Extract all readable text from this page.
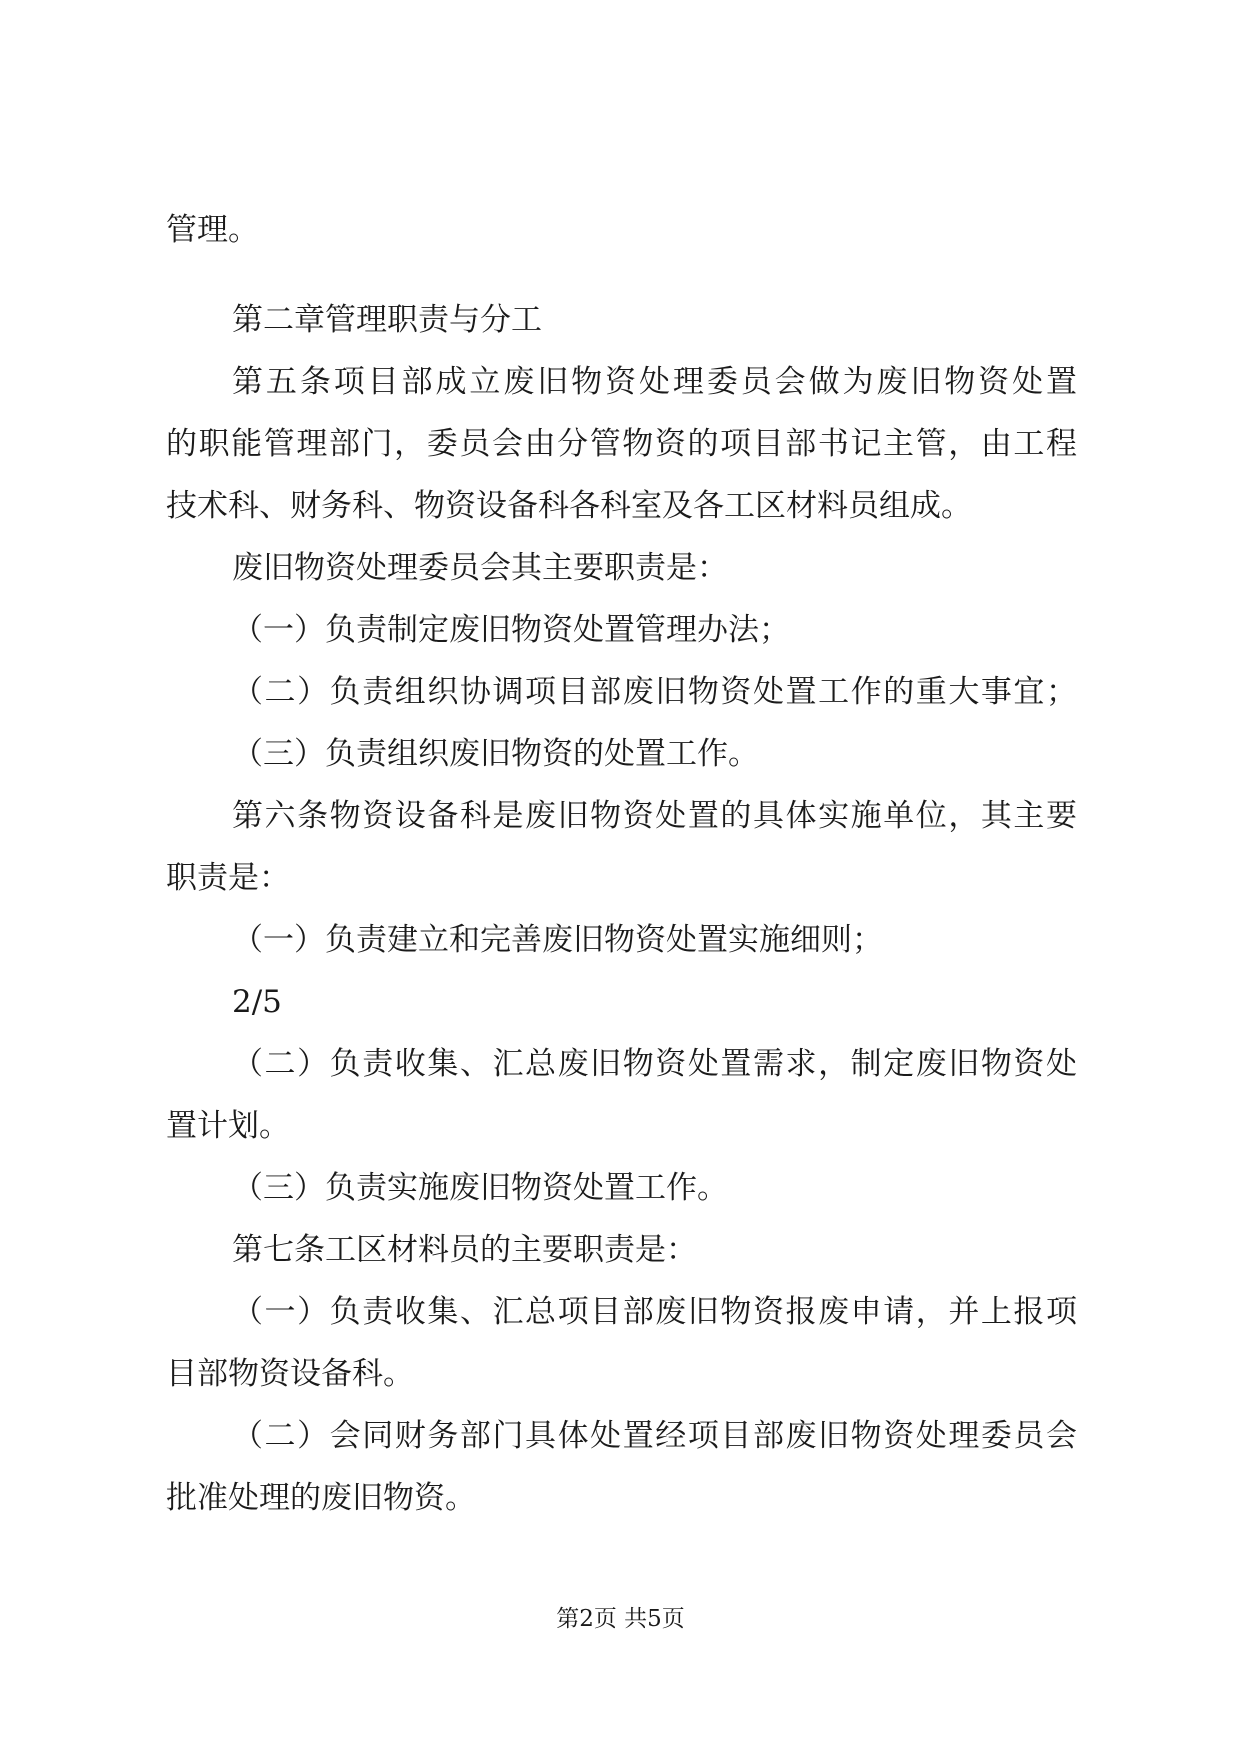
管理。
第二章管理职责与分工
第五条项目部成立废旧物资处理委员会做为废旧物资处置
的职能管理部门，委员会由分管物资的项目部书记主管，由工程
技术科、财务科、物资设备科各科室及各工区材料员组成。
废旧物资处理委员会其主要职责是：
（一）负责制定废旧物资处置管理办法；
（二）负责组织协调项目部废旧物资处置工作的重大事宜；
（三）负责组织废旧物资的处置工作。
第六条物资设备科是废旧物资处置的具体实施单位，其主要
职责是：
（一）负责建立和完善废旧物资处置实施细则；
2/5
（二）负责收集、汇总废旧物资处置需求，制定废旧物资处
置计划。
（三）负责实施废旧物资处置工作。
第七条工区材料员的主要职责是：
（一）负责收集、汇总项目部废旧物资报废申请，并上报项
目部物资设备科。
（二）会同财务部门具体处置经项目部废旧物资处理委员会
批准处理的废旧物资。
第2页 共5页
